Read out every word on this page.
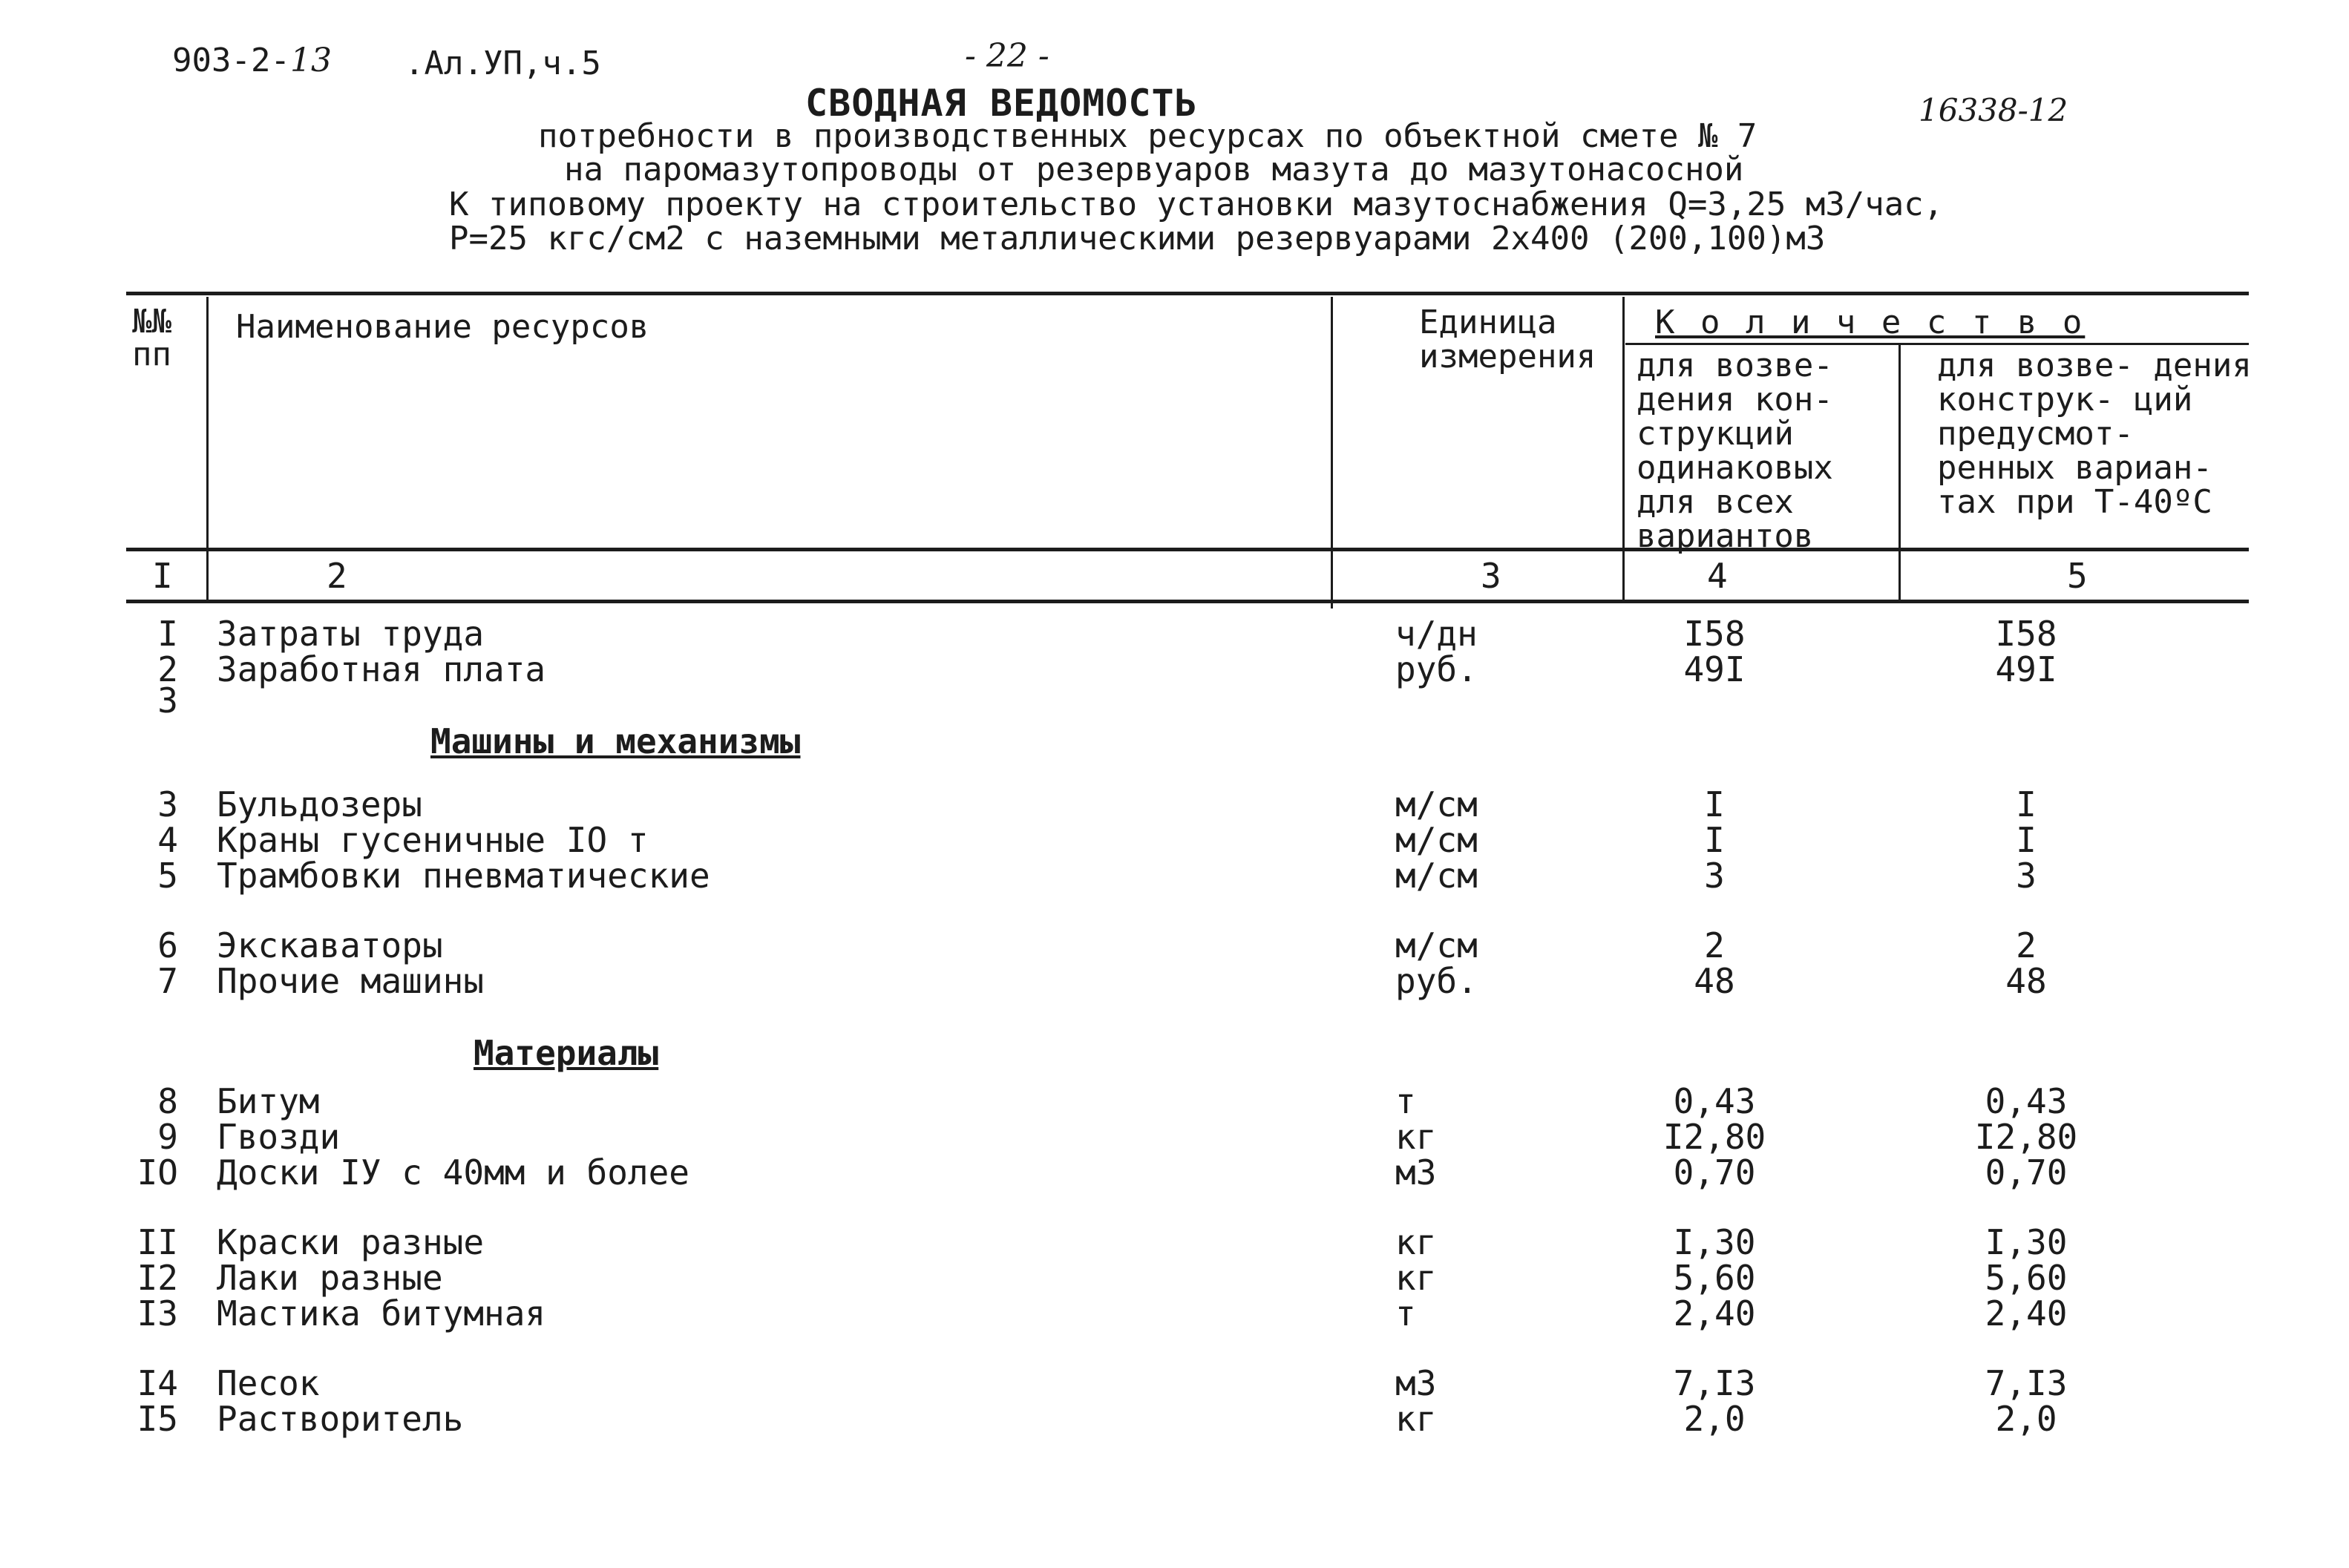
903-2-13 .Ал.УП,ч.5	- 22 -
16338-12
СВОДНАЯ ВЕДОМОСТЬ
потребности в производственных ресурсах по объектной смете № 7
на паромазутопроводы от резервуаров мазута до мазутонасосной
К типовому проекту на строительство установки мазутоснабжения Q=3,25 м3/час,
Р=25 кгс/см2 с наземными металлическими резервуарами 2х400 (200,100)м3
№№ пп
Наименование ресурсов	Единица измерения
К о л и ч е с т в о
для возве- дения кон- струкций одинаковых для всех вариантов
для возве- дения конструк- ций предусмот- ренных вариан- тах при Т-40ºС
I	2	3	4	5
Машины и механизмы
Материалы
I Затраты труда	ч/дн	I58	I58
2 Заработная плата	руб.	49I	49I
3
3 Бульдозеры	м/см	I	I
4 Краны гусеничные IO т	м/см	I	I
5 Трамбовки пневматические	м/см	3	3
6 Экскаваторы	м/см	2	2
7 Прочие машины	руб.	48	48
8 Битум	т	0,43	0,43
9 Гвозди	кг	I2,80	I2,80
IO Доски IУ с 40мм и более	м3	0,70	0,70
II Краски разные	кг	I,30	I,30
I2 Лаки разные	кг	5,60	5,60
I3 Мастика битумная	т	2,40	2,40
I4 Песок	м3	7,I3	7,I3
I5 Растворитель	кг	2,0	2,0
